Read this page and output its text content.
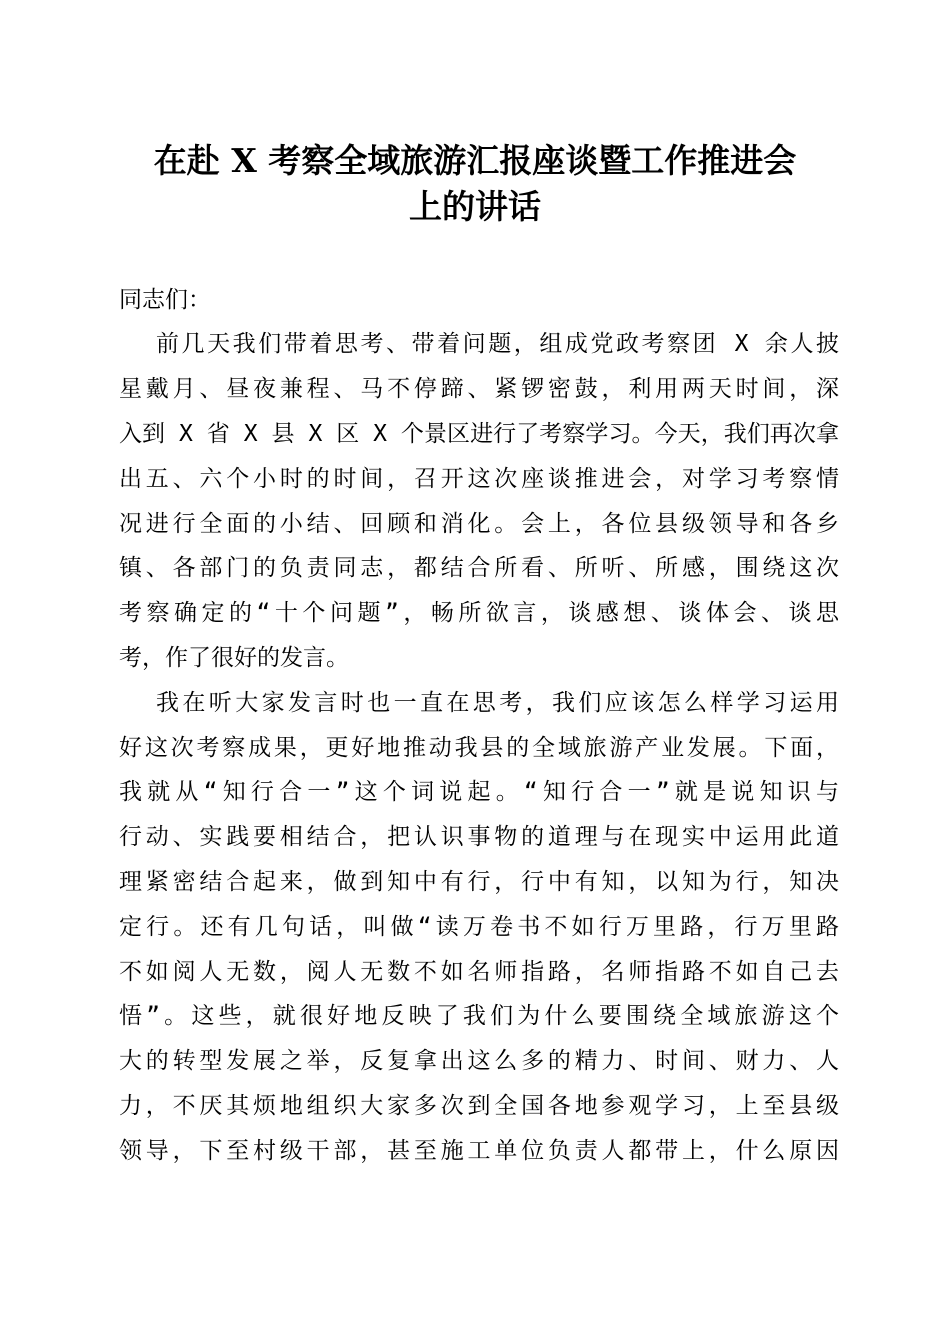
在赴 X 考察全域旅游汇报座谈暨工作推进会
上的讲话
同志们：
前几天我们带着思考、带着问题，组成党政考察团 X 余人披
星戴月、昼夜兼程、马不停蹄、紧锣密鼓，利用两天时间，深
入到 X 省 X 县 X 区 X 个景区进行了考察学习。今天，我们再次拿
出五、六个小时的时间，召开这次座谈推进会，对学习考察情
况进行全面的小结、回顾和消化。会上，各位县级领导和各乡
镇、各部门的负责同志，都结合所看、所听、所感，围绕这次
考察确定的“十个问题”，畅所欲言，谈感想、谈体会、谈思
考，作了很好的发言。
我在听大家发言时也一直在思考，我们应该怎么样学习运用
好这次考察成果，更好地推动我县的全域旅游产业发展。下面，
我就从“知行合一”这个词说起。“知行合一”就是说知识与
行动、实践要相结合，把认识事物的道理与在现实中运用此道
理紧密结合起来，做到知中有行，行中有知，以知为行，知决
定行。还有几句话，叫做“读万卷书不如行万里路，行万里路
不如阅人无数，阅人无数不如名师指路，名师指路不如自己去
悟”。这些，就很好地反映了我们为什么要围绕全域旅游这个
大的转型发展之举，反复拿出这么多的精力、时间、财力、人
力，不厌其烦地组织大家多次到全国各地参观学习，上至县级
领导，下至村级干部，甚至施工单位负责人都带上，什么原因
